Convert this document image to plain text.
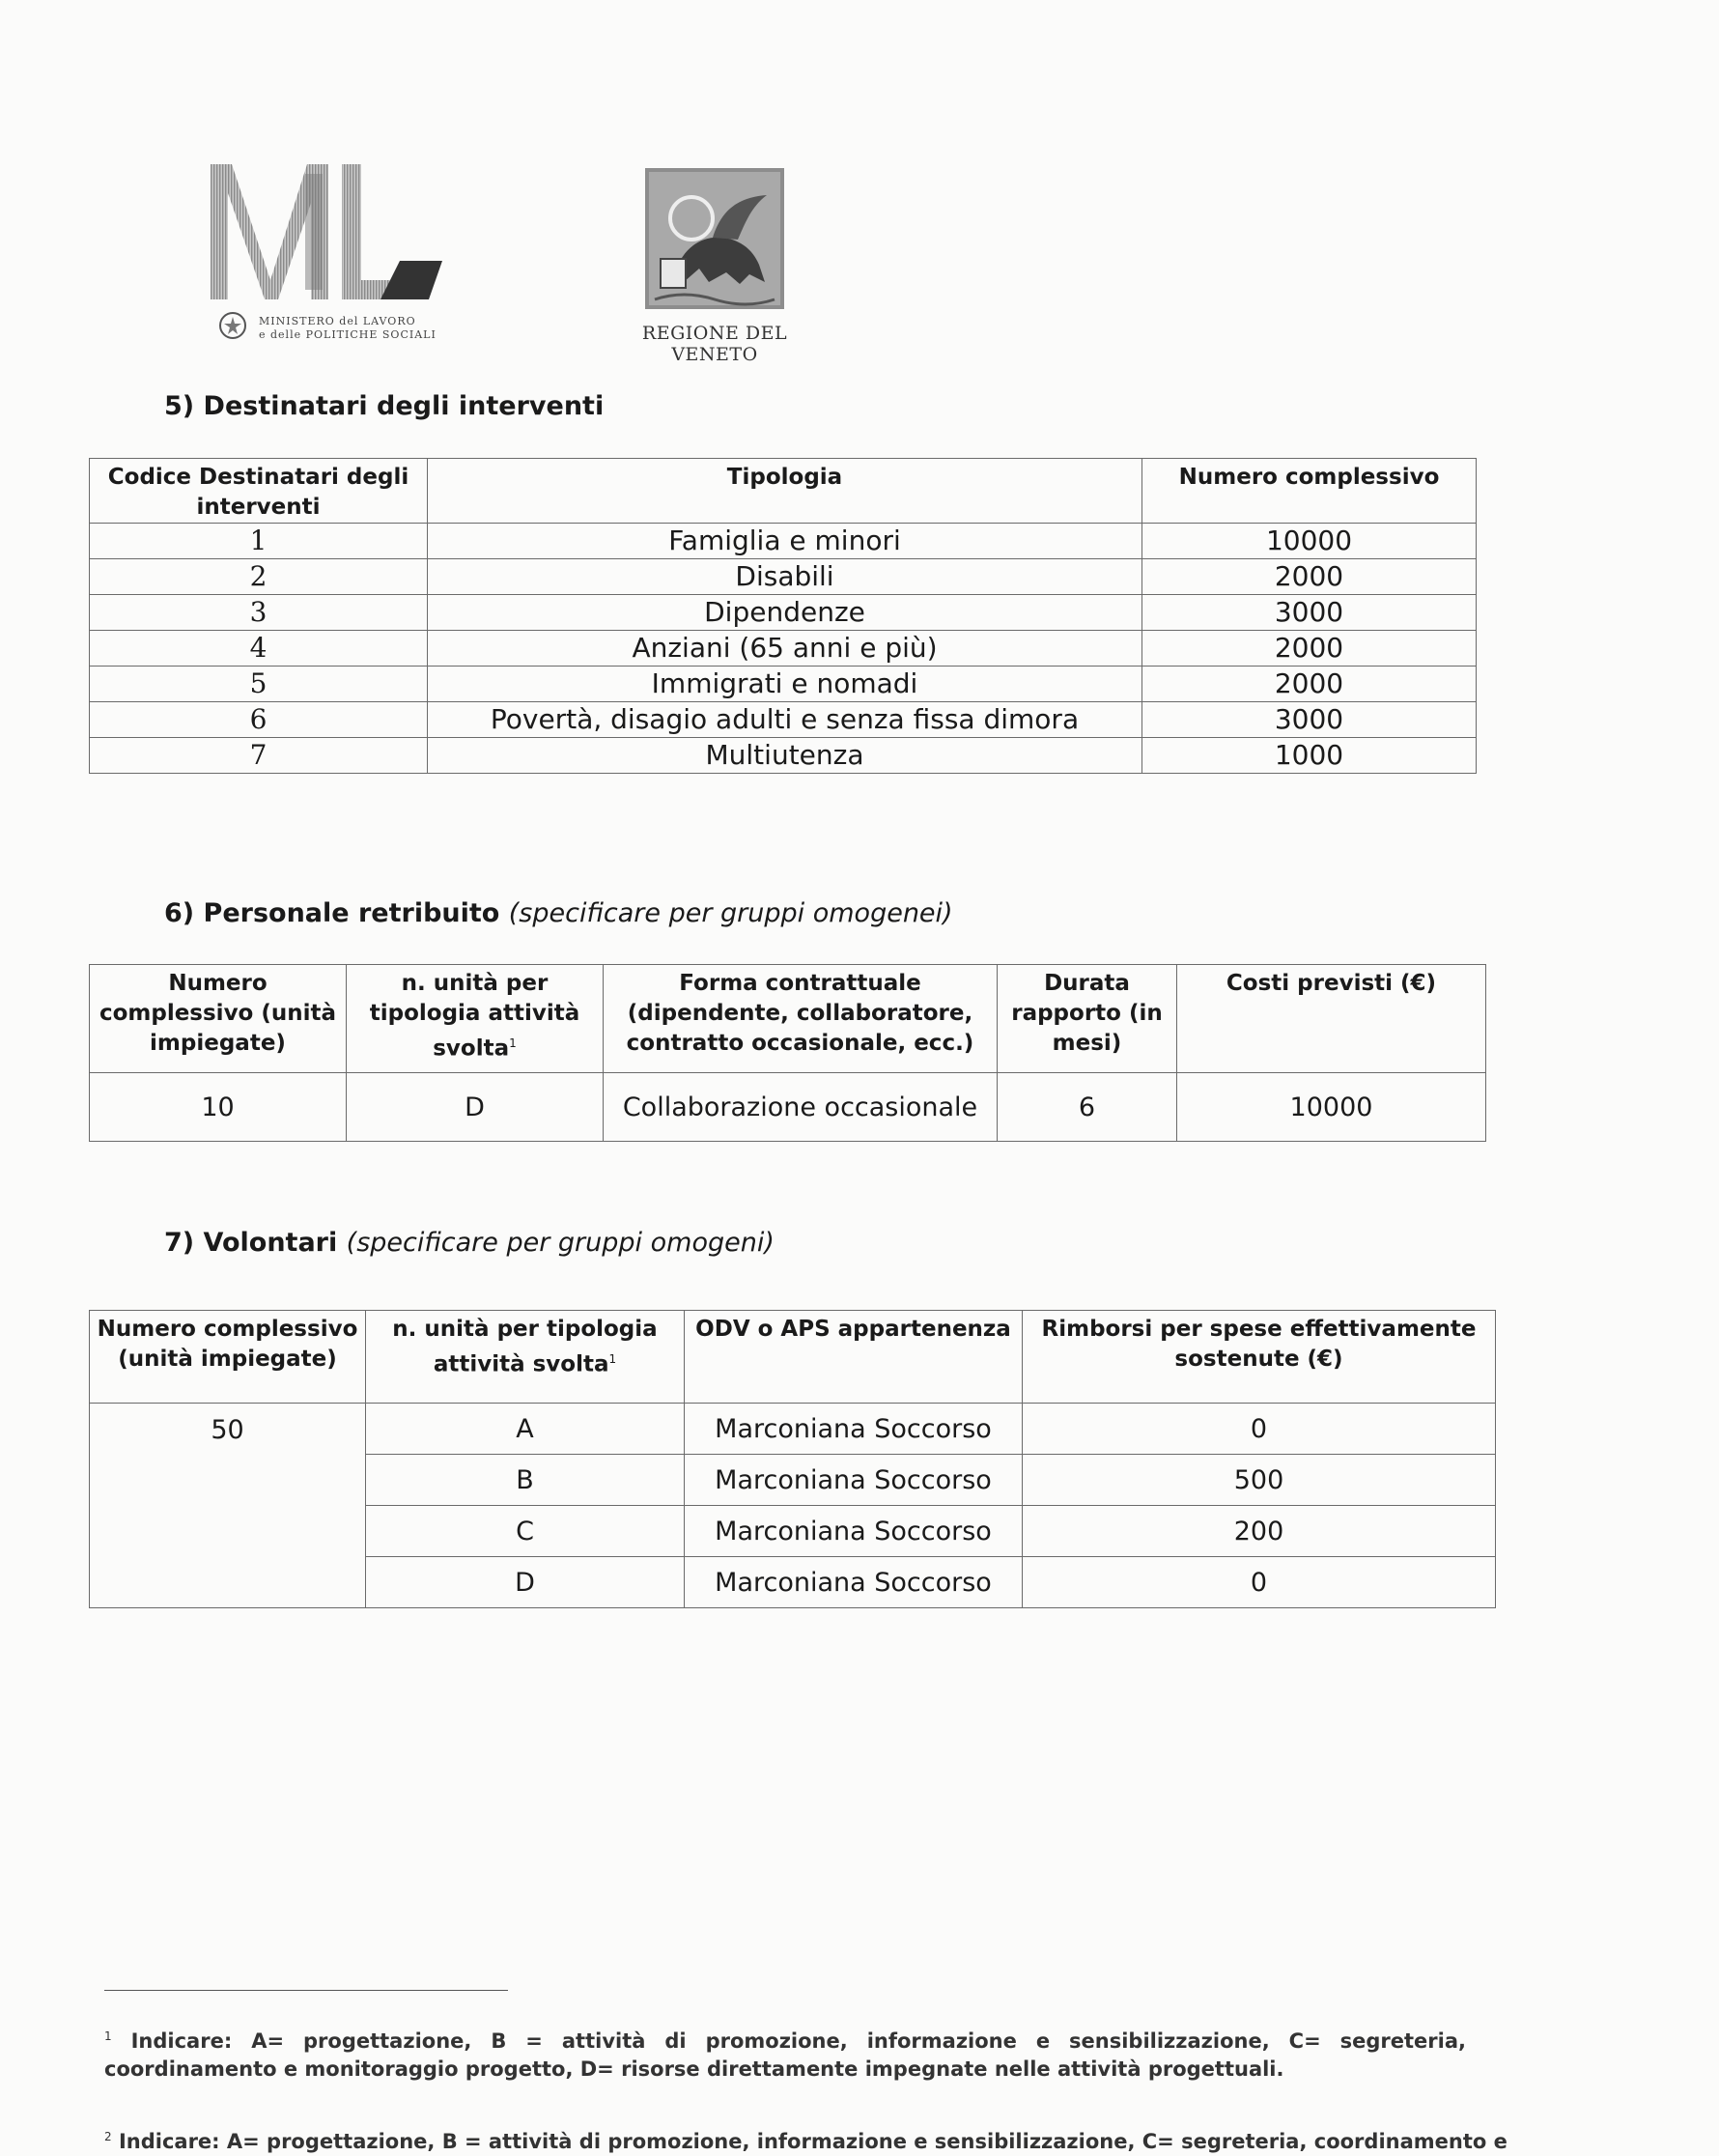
MINISTERO del LAVORO
e delle POLITICHE SOCIALI	REGIONE DEL VENETO
5) Destinatari degli interventi
Codice Destinatari degli interventi	Tipologia	Numero complessivo
1	Famiglia e minori	10000
2	Disabili	2000
3	Dipendenze	3000
4	Anziani (65 anni e più)	2000
5	Immigrati e nomadi	2000
6	Povertà, disagio adulti e senza fissa dimora	3000
7	Multiutenza	1000
6) Personale retribuito (specificare per gruppi omogenei)
Numero complessivo (unità impiegate)	n. unità per tipologia attività svolta$^1$	Forma contrattuale (dipendente, collaboratore, contratto occasionale, ecc.)	Durata rapporto (in mesi)	Costi previsti (€)
10	D	Collaborazione occasionale	6	10000
7) Volontari (specificare per gruppi omogeni)
Numero complessivo (unità impiegate)	n. unità per tipologia attività svolta$^1$	ODV o APS appartenenza	Rimborsi per spese effettivamente sostenute (€)
50	A	Marconiana Soccorso	0
	B	Marconiana Soccorso	500
	C	Marconiana Soccorso	200
	D	Marconiana Soccorso	0
$^1$ Indicare: A= progettazione, B = attività di promozione, informazione e sensibilizzazione, C= segreteria, coordinamento e monitoraggio progetto, D= risorse direttamente impegnate nelle attività progettuali.
$^2$ Indicare: A= progettazione, B = attività di promozione, informazione e sensibilizzazione, C= segreteria, coordinamento e
